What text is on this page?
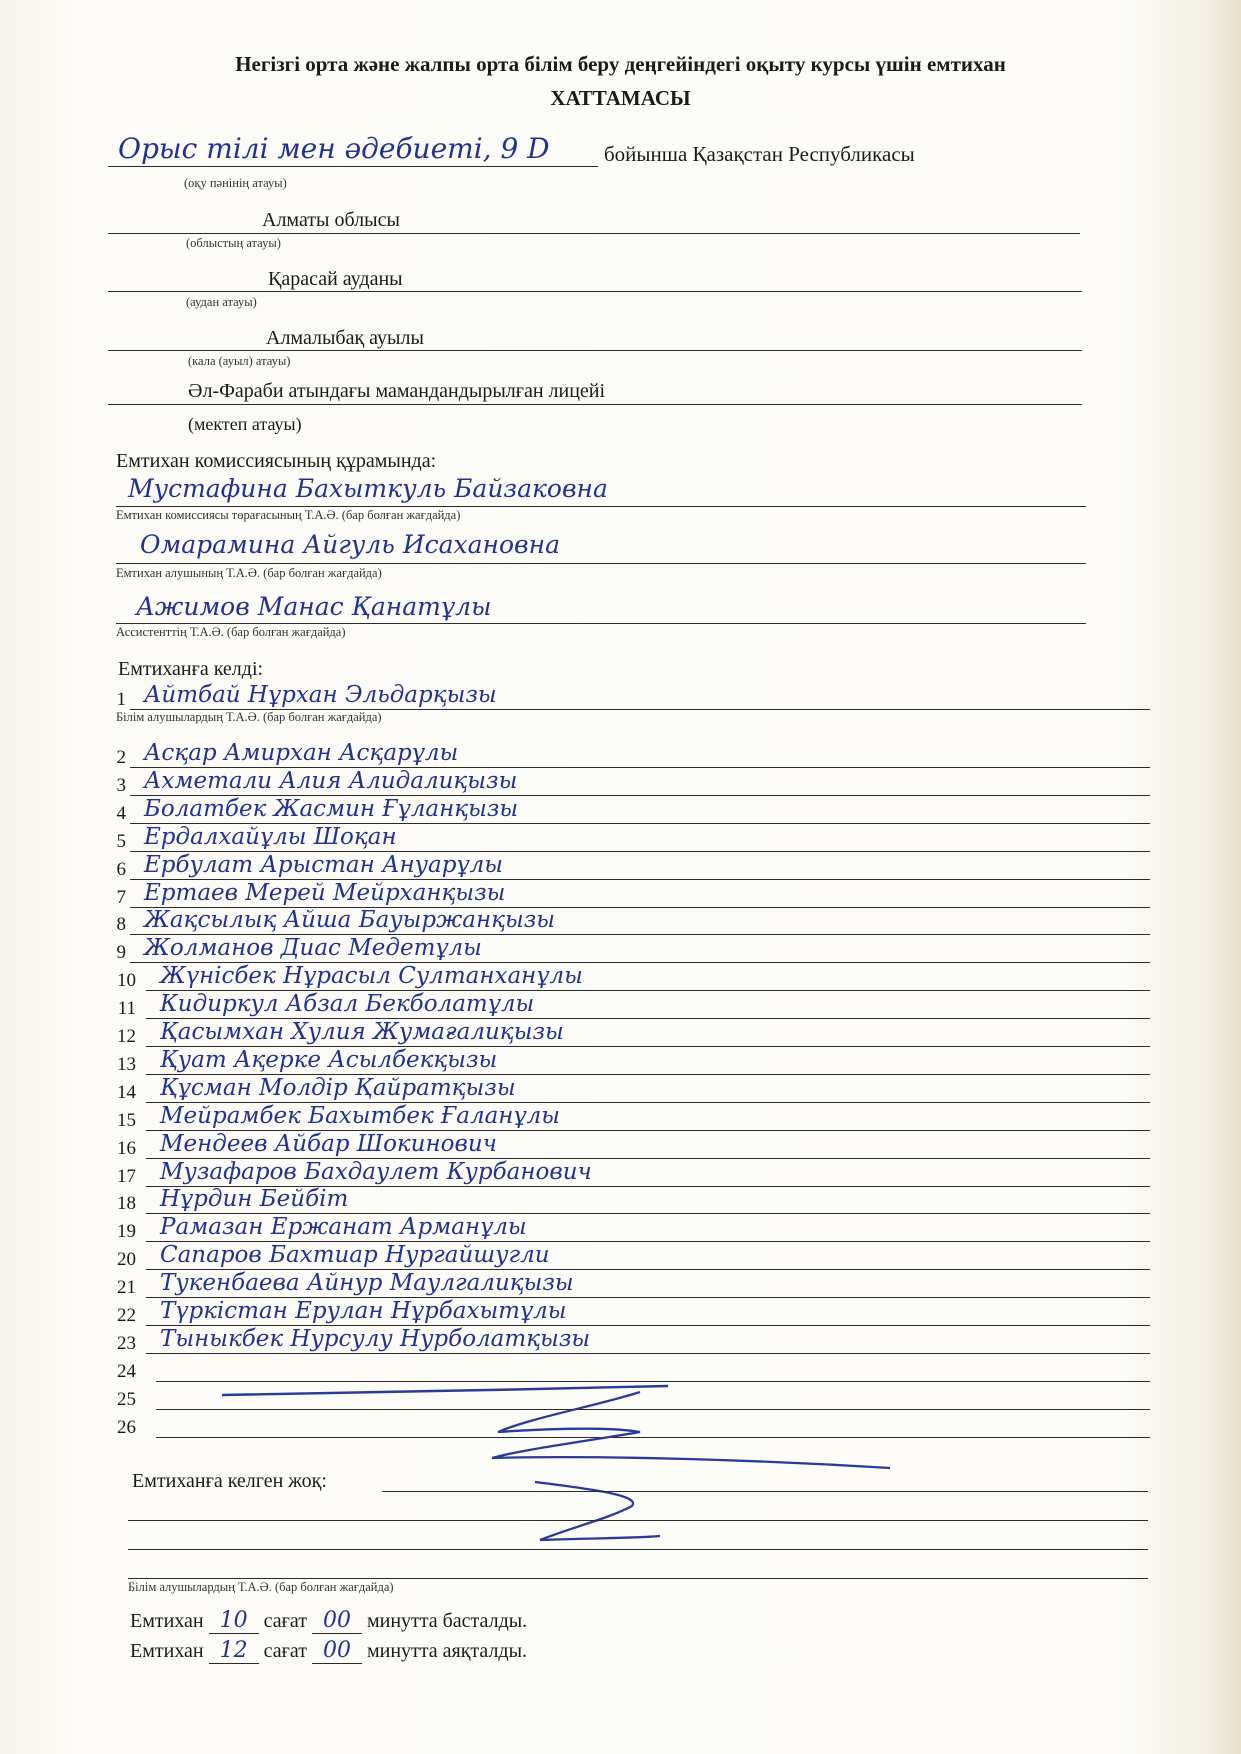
Негізгі орта және жалпы орта білім беру деңгейіндегі оқыту курсы үшін емтихан
ХАТТАМАСЫ
Орыс тілі мен әдебиеті, 9 D	бойынша Қазақстан Республикасы
(оқу пәнінің атауы)
Алматы облысы
(облыстың атауы)
Қарасай ауданы
(аудан атауы)
Алмалыбақ ауылы
(кала (ауыл) атауы)
Әл-Фараби атындағы мамандандырылған лицейі
(мектеп атауы)
Емтихан комиссиясының құрамында:
Мустафина Бахыткуль Байзаковна
Емтихан комиссиясы төрағасының Т.А.Ә. (бар болған жағдайда)
Омарамина Айгуль Исахановна
Емтихан алушының Т.А.Ә. (бар болған жағдайда)
Ажимов Манас Қанатұлы
Ассистенттің Т.А.Ә. (бар болған жағдайда)
Емтиханға келді:
Білім алушылардың Т.А.Ә. (бар болған жағдайда)
1 Айтбай Нұрхан Эльдарқызы
2 Асқар Амирхан Асқарұлы
3 Ахметали Алия Алидалиқызы
4 Болатбек Жасмин Ғұланқызы
5 Ердалхайұлы Шоқан
6 Ербулат Арыстан Ануарұлы
7 Ертаев Мерей Мейрханқызы
8 Жақсылық Айша Бауыржанқызы
9 Жолманов Диас Медетұлы
10 Жүнісбек Нұрасыл Султанханұлы
11 Кидиркул Абзал Бекболатұлы
12 Қасымхан Хулия Жумағалиқызы
13 Қуат Ақерке Асылбекқызы
14 Құсман Молдір Қайратқызы
15 Мейрамбек Бахытбек Ғаланұлы
16 Мендеев Айбар Шокинович
17 Музафаров Бахдаулет Курбанович
18 Нұрдин Бейбіт
19 Рамазан Ержанат Арманұлы
20 Сапаров Бахтиар Нургайшугли
21 Тукенбаева Айнур Маулгалиқызы
22 Түркістан Ерулан Нұрбахытұлы
23 Тыныкбек Нурсулу Нурболатқызы
24
25
26
Емтиханға келген жоқ:
Білім алушылардың Т.А.Ә. (бар болған жағдайда)
Емтихан 10 сағат 00 минутта басталды.
Емтихан 12 сағат 00 минутта аяқталды.
